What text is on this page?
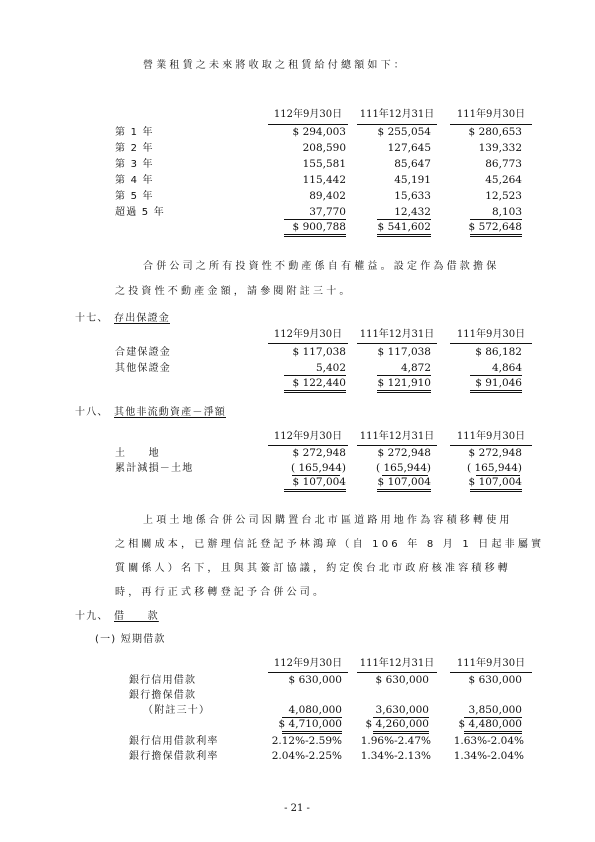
營業租賃之未來將收取之租賃給付總額如下：
112年9月30日	111年12月31日	111年9月30日
第 1 年	$ 294,003	$ 255,054	$ 280,653
第 2 年	208,590	127,645	139,332
第 3 年	155,581	85,647	86,773
第 4 年	115,442	45,191	45,264
第 5 年	89,402	15,633	12,523
超過 5 年	37,770	12,432	8,103
$ 900,788	$ 541,602	$ 572,648
合併公司之所有投資性不動產係自有權益。設定作為借款擔保
之投資性不動產金額，請參閱附註三十。
十七、 存出保證金
112年9月30日	111年12月31日	111年9月30日
合建保證金	$ 117,038	$ 117,038	$ 86,182
其他保證金	5,402	4,872	4,864
$ 122,440	$ 121,910	$ 91,046
十八、 其他非流動資產－淨額
112年9月30日	111年12月31日	111年9月30日
土　　地	$ 272,948	$ 272,948	$ 272,948
累計減損－土地	( 165,944)	( 165,944)	( 165,944)
$ 107,004	$ 107,004	$ 107,004
上項土地係合併公司因購置台北市區道路用地作為容積移轉使用
之相關成本，已辦理信託登記予林鴻璋（自 106 年 8 月 1 日起非屬實
質關係人）名下，且與其簽訂協議，約定俟台北市政府核准容積移轉
時，再行正式移轉登記予合併公司。
十九、 借　　款
(一) 短期借款
112年9月30日	111年12月31日	111年9月30日
銀行信用借款	$ 630,000	$ 630,000	$ 630,000
銀行擔保借款
（附註三十）	4,080,000	3,630,000	3,850,000
$ 4,710,000	$ 4,260,000	$ 4,480,000
銀行信用借款利率	2.12%-2.59%	1.96%-2.47%	1.63%-2.04%
銀行擔保借款利率	2.04%-2.25%	1.34%-2.13%	1.34%-2.04%
- 21 -
